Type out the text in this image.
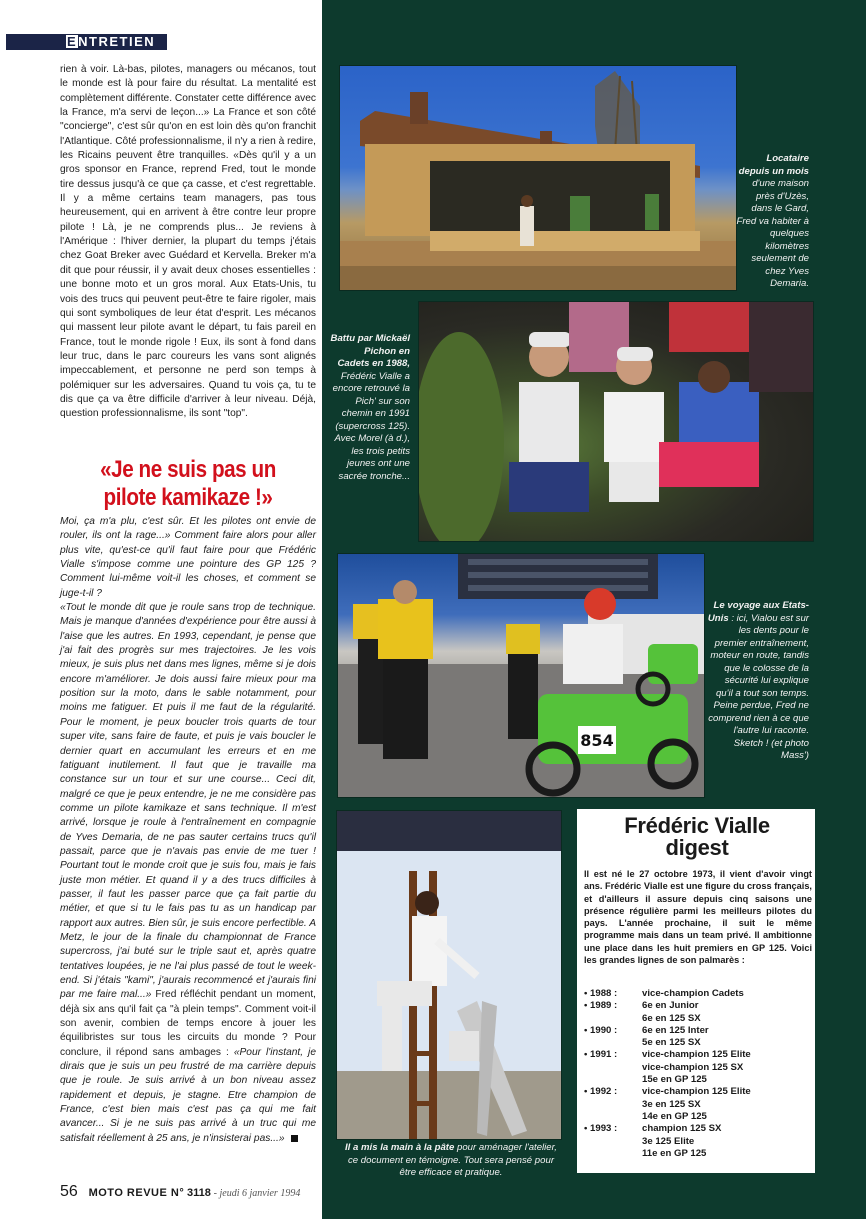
ENTRETIEN

rien à voir. Là-bas, pilotes, managers ou mécanos, tout le monde est là pour faire du résultat. La mentalité est complètement différente. Constater cette différence avec la France, m'a servi de leçon...» La France et son côté "concierge", c'est sûr qu'on en est loin dès qu'on franchit l'Atlantique. Côté professionnalisme, il n'y a rien à redire, les Ricains peuvent être tranquilles. «Dès qu'il y a un gros sponsor en France, reprend Fred, tout le monde tire dessus jusqu'à ce que ça casse, et c'est regrettable. Il y a même certains team managers, pas tous heureusement, qui en arrivent à être contre leur propre pilote ! Là, je ne comprends plus... Je reviens à l'Amérique : l'hiver dernier, la plupart du temps j'étais chez Goat Breker avec Guédard et Kervella. Breker m'a dit que pour réussir, il y avait deux choses essentielles : une bonne moto et un gros moral. Aux Etats-Unis, tu vois des trucs qui peuvent peut-être te faire rigoler, mais qui sont symboliques de leur état d'esprit. Les mécanos qui massent leur pilote avant le départ, tu fais pareil en France, tout le monde rigole ! Eux, ils sont à fond dans leur truc, dans le parc coureurs les vans sont alignés impeccablement, et personne ne perd son temps à polémiquer sur les adversaires. Quand tu vois ça, tu te dis que ça va être difficile d'arriver à leur niveau. Déjà, question professionnalisme, ils sont "top".

«Je ne suis pas un
pilote kamikaze !»

Moi, ça m'a plu, c'est sûr. Et les pilotes ont envie de rouler, ils ont la rage...» Comment faire alors pour aller plus vite, qu'est-ce qu'il faut faire pour que Frédéric Vialle s'impose comme une pointure des GP 125 ? Comment lui-même voit-il les choses, et comment se juge-t-il ?

«Tout le monde dit que je roule sans trop de technique. Mais je manque d'années d'expérience pour être aussi à l'aise que les autres. En 1993, cependant, je pense que j'ai fait des progrès sur mes trajectoires. Je les vois mieux, je suis plus net dans mes lignes, même si je dois encore m'améliorer. Je dois aussi faire mieux pour ma position sur la moto, dans le sable notamment, pour moins me fatiguer. Et puis il me faut de la régularité. Pour le moment, je peux boucler trois quarts de tour super vite, sans faire de faute, et puis je vais boucler le dernier quart en accumulant les erreurs et en me fatiguant inutilement. Il faut que je travaille ma constance sur un tour et sur une course... Ceci dit, malgré ce que je peux entendre, je ne me considère pas comme un pilote kamikaze et sans technique. Il m'est arrivé, lorsque je roule à l'entraînement en compagnie de Yves Demaria, de ne pas sauter certains trucs qu'il passait, parce que je n'avais pas envie de me tuer ! Pourtant tout le monde croit que je suis fou, mais je fais juste mon métier. Et quand il y a des trucs difficiles à passer, il faut les passer parce que ça fait partie du métier, et que si tu le fais pas tu as un handicap par rapport aux autres. Bien sûr, je suis encore perfectible. A Metz, le jour de la finale du championnat de France supercross, j'ai buté sur le triple saut et, après quatre tentatives loupées, je ne l'ai plus passé de tout le week-end. Si j'étais "kami", j'aurais recommencé et j'aurais fini par me faire mal...» Fred réfléchit pendant un moment, déjà six ans qu'il fait ça "à plein temps". Comment voit-il son avenir, combien de temps encore à jouer les équilibristes sur tous les circuits du monde ? Pour conclure, il répond sans ambages : «Pour l'instant, je dirais que je suis un peu frustré de ma carrière depuis que je roule. Je suis arrivé à un bon niveau assez rapidement et depuis, je stagne. Etre champion de France, c'est bien mais c'est pas ça qui me fait avancer... Si je ne suis pas arrivé à un truc qui me satisfait réellement à 25 ans, je n'insisterai pas...»

56 MOTO REVUE N° 3118 - jeudi 6 janvier 1994
Locataire depuis un mois d'une maison près d'Uzès, dans le Gard, Fred va habiter à quelques kilomètres seulement de chez Yves Demaria.
Battu par Mickaël Pichon en Cadets en 1988, Frédéric Vialle a encore retrouvé la Pich' sur son chemin en 1991 (supercross 125). Avec Morel (à d.), les trois petits jeunes ont une sacrée tronche...
854
Le voyage aux Etats-Unis : ici, Vialou est sur les dents pour le premier entraînement, moteur en route, tandis que le colosse de la sécurité lui explique qu'il a tout son temps. Peine perdue, Fred ne comprend rien à ce que l'autre lui raconte. Sketch ! (et photo Mass')
Il a mis la main à la pâte pour aménager l'atelier, ce document en témoigne. Tout sera pensé pour être efficace et pratique.
Frédéric Vialle
digest
Il est né le 27 octobre 1973, il vient d'avoir vingt ans. Frédéric Vialle est une figure du cross français, et d'ailleurs il assure depuis cinq saisons une présence régulière parmi les meilleurs pilotes du pays. L'année prochaine, il suit le même programme mais dans un team privé. Il ambitionne une place dans les huit premiers en GP 125. Voici les grandes lignes de son palmarès :
• 1988 :	vice-champion Cadets
• 1989 :	6e en Junior
6e en 125 SX
• 1990 :	6e en 125 Inter
5e en 125 SX
• 1991 :	vice-champion 125 Elite
vice-champion 125 SX
15e en GP 125
• 1992 :	vice-champion 125 Elite
3e en 125 SX
14e en GP 125
• 1993 :	champion 125 SX
3e 125 Elite
11e en GP 125
